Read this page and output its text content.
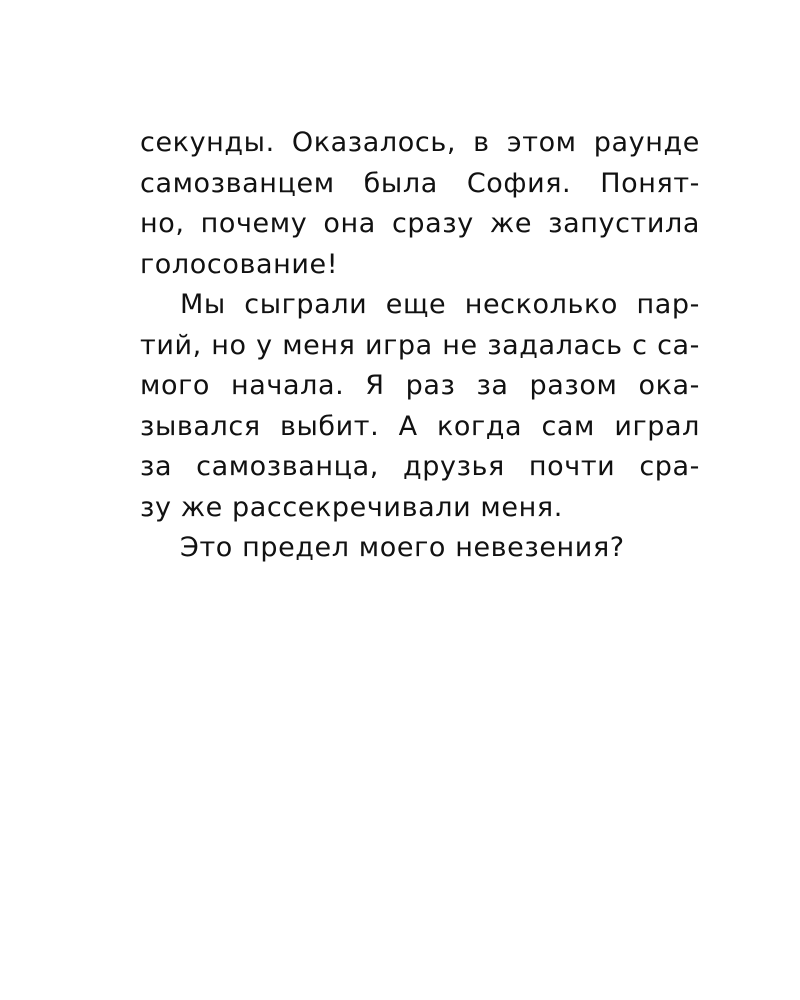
секунды. Оказалось, в этом раунде
самозванцем была София. Понят-
но, почему она сразу же запустила
голосование!
Мы сыграли еще несколько пар-
тий, но у меня игра не задалась с са-
мого начала. Я раз за разом ока-
зывался выбит. А когда сам играл
за самозванца, друзья почти сра-
зу же рассекречивали меня.
Это предел моего невезения?
